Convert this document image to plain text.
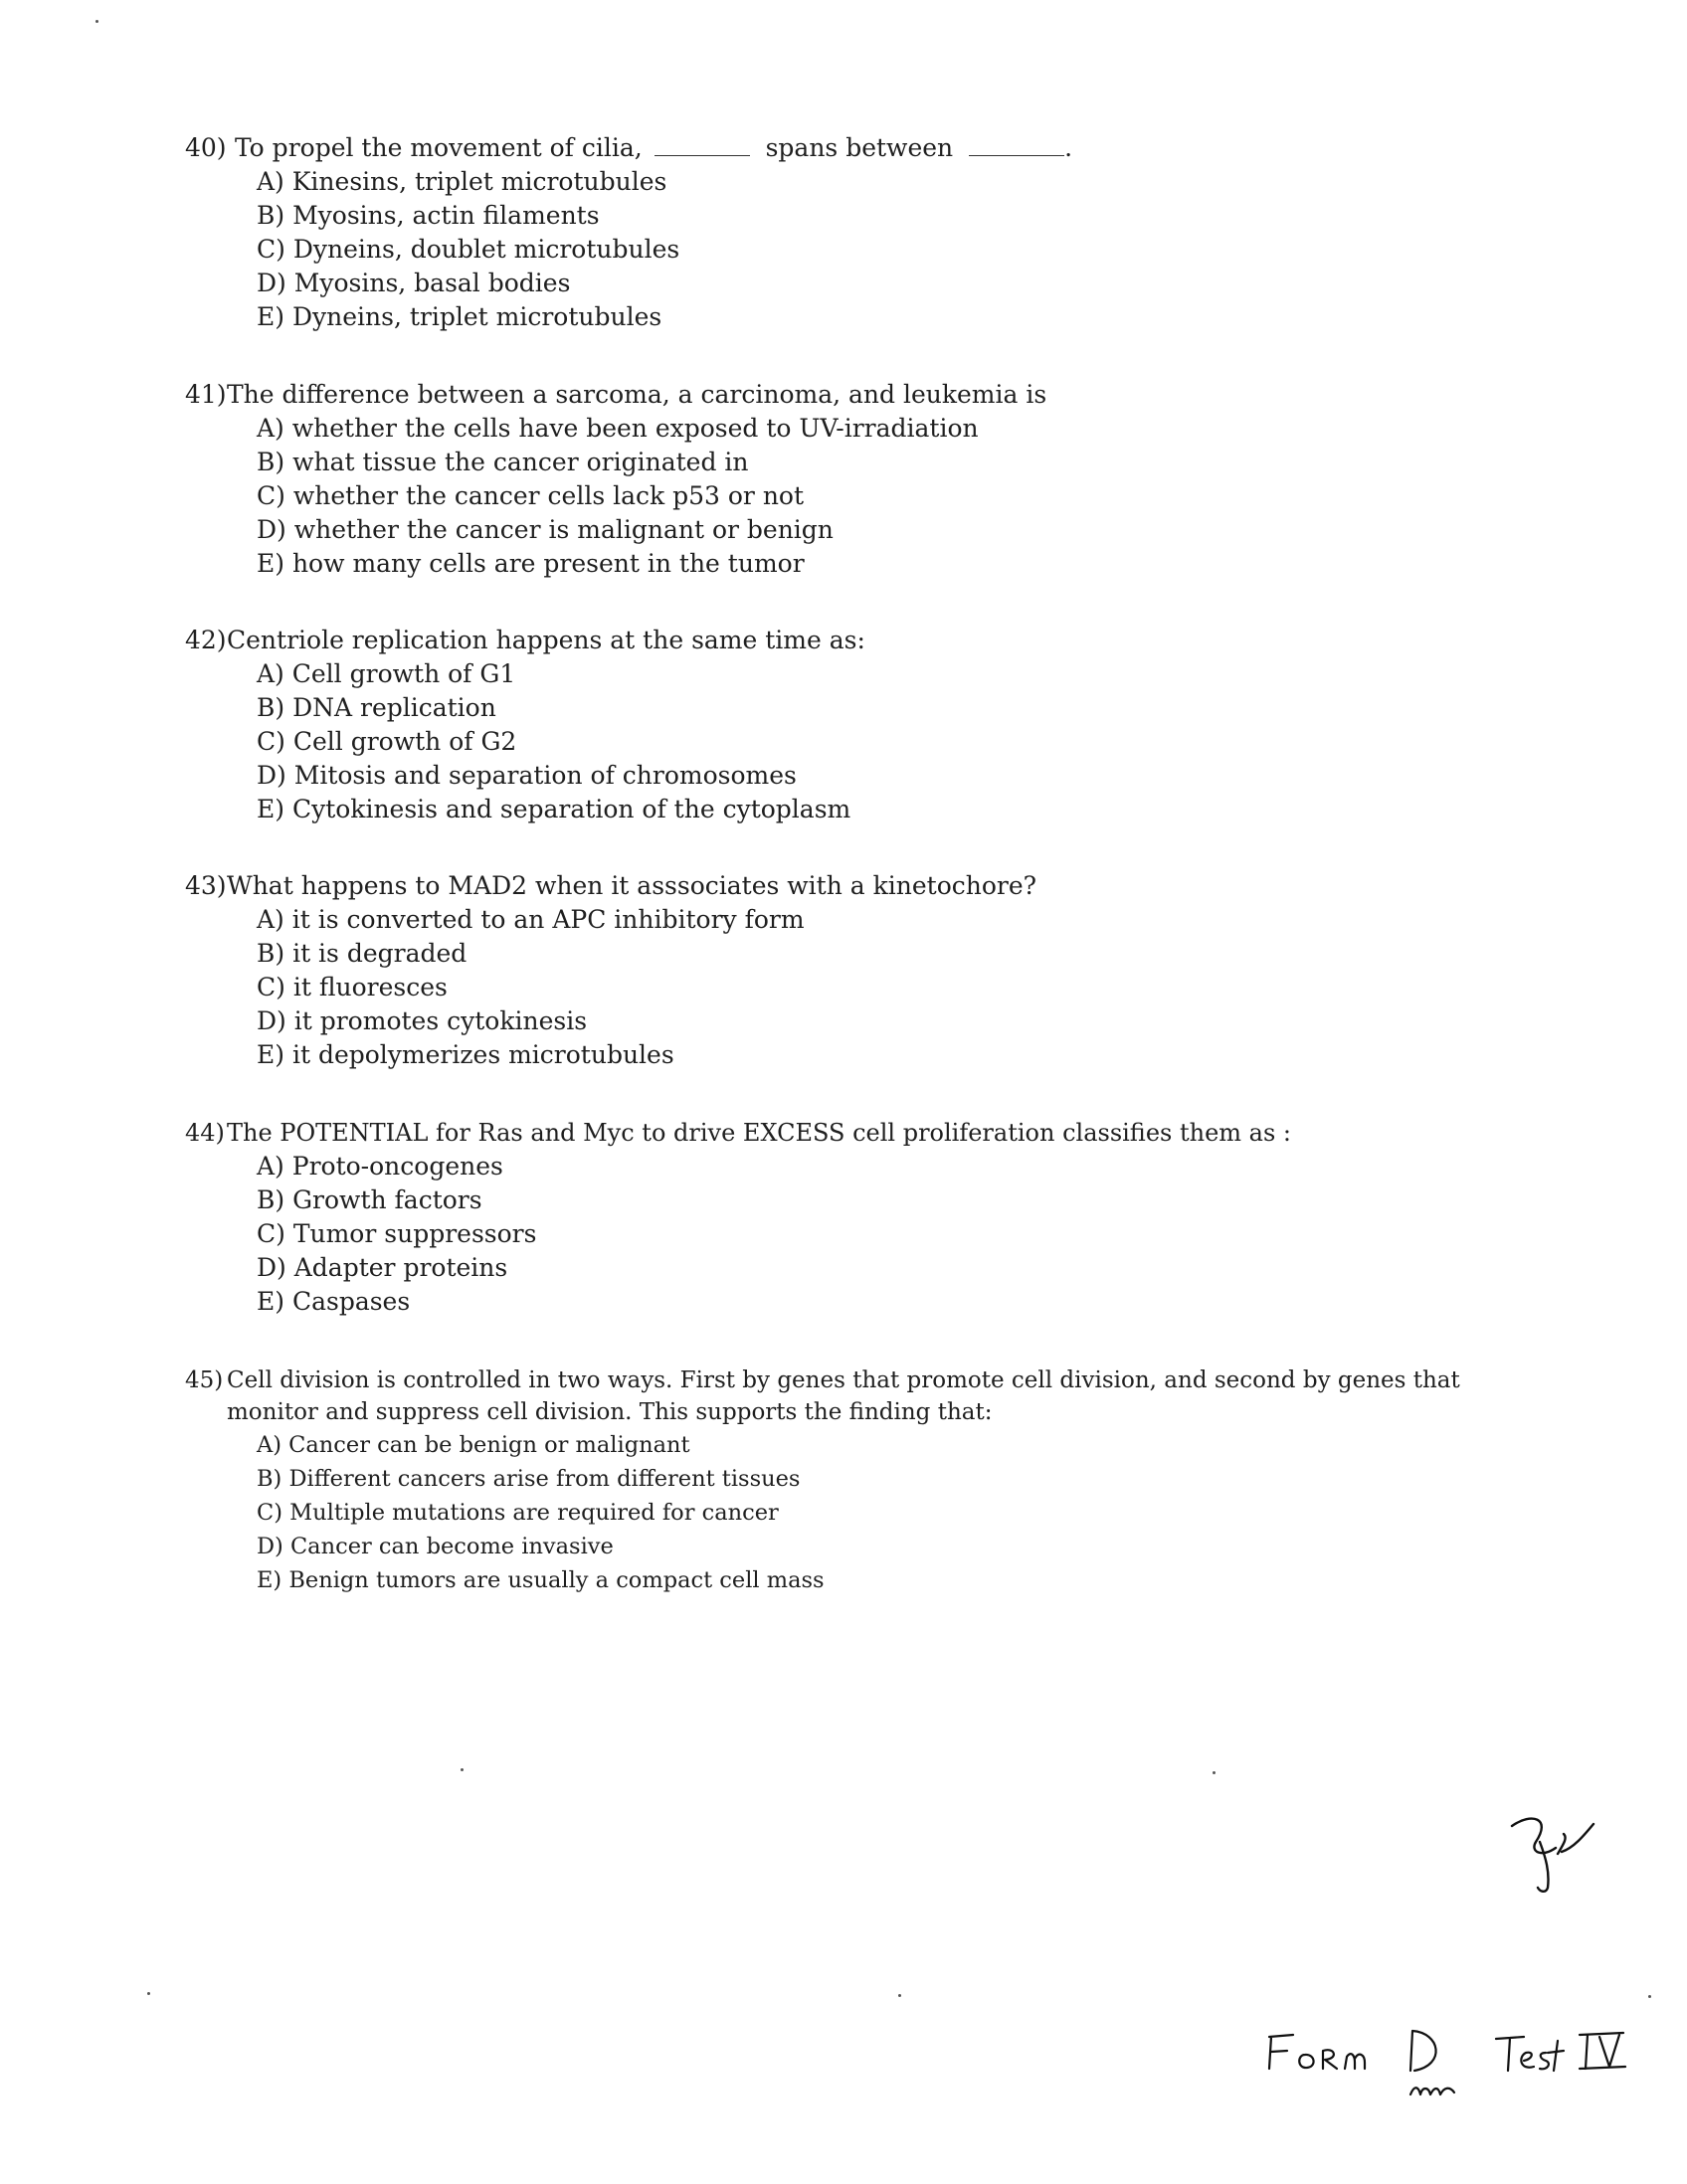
40) To propel the movement of cilia,	spans between	.
A) Kinesins, triplet microtubules
B) Myosins, actin filaments
C) Dyneins, doublet microtubules
D) Myosins, basal bodies
E) Dyneins, triplet microtubules
41)The difference between a sarcoma, a carcinoma, and leukemia is
A) whether the cells have been exposed to UV-irradiation
B) what tissue the cancer originated in
C) whether the cancer cells lack p53 or not
D) whether the cancer is malignant or benign
E) how many cells are present in the tumor
42)Centriole replication happens at the same time as:
A) Cell growth of G1
B) DNA replication
C) Cell growth of G2
D) Mitosis and separation of chromosomes
E) Cytokinesis and separation of the cytoplasm
43)What happens to MAD2 when it asssociates with a kinetochore?
A) it is converted to an APC inhibitory form
B) it is degraded
C) it fluoresces
D) it promotes cytokinesis
E) it depolymerizes microtubules
44)The POTENTIAL for Ras and Myc to drive EXCESS cell proliferation classifies them as :
A) Proto-oncogenes
B) Growth factors
C) Tumor suppressors
D) Adapter proteins
E) Caspases
45) Cell division is controlled in two ways. First by genes that promote cell division, and second by genes that monitor and suppress cell division. This supports the finding that:
A) Cancer can be benign or malignant
B) Different cancers arise from different tissues
C) Multiple mutations are required for cancer
D) Cancer can become invasive
E) Benign tumors are usually a compact cell mass
